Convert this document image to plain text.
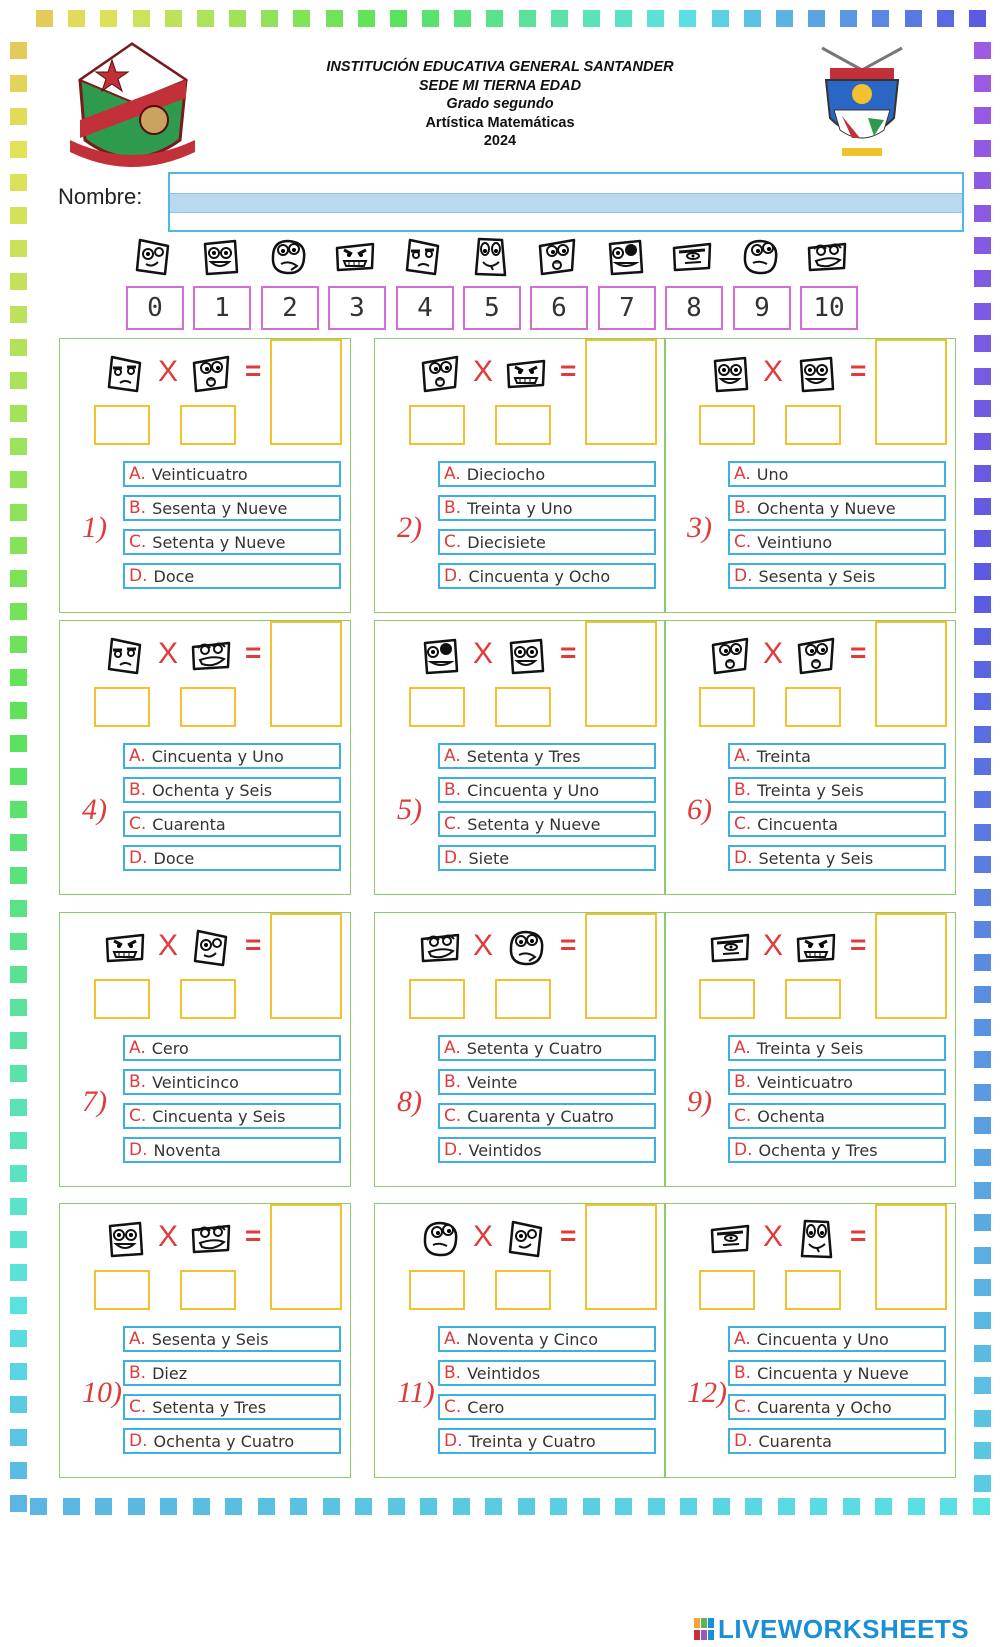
INSTITUCIÓN EDUCATIVA GENERAL SANTANDER
SEDE MI TIERNA EDAD
Grado segundo
Artística Matemáticas
2024
Nombre:
0	1	2	3	4	5	6	7	8	9	10
X =
1)
A. Veinticuatro
B. Sesenta y Nueve
C. Setenta y Nueve
D. Doce
X =
2)
A. Dieciocho
B. Treinta y Uno
C. Diecisiete
D. Cincuenta y Ocho
X =
3)
A. Uno
B. Ochenta y Nueve
C. Veintiuno
D. Sesenta y Seis
X =
4)
A. Cincuenta y Uno
B. Ochenta y Seis
C. Cuarenta
D. Doce
X =
5)
A. Setenta y Tres
B. Cincuenta y Uno
C. Setenta y Nueve
D. Siete
X =
6)
A. Treinta
B. Treinta y Seis
C. Cincuenta
D. Setenta y Seis
X =
7)
A. Cero
B. Veinticinco
C. Cincuenta y Seis
D. Noventa
X =
8)
A. Setenta y Cuatro
B. Veinte
C. Cuarenta y Cuatro
D. Veintidos
X =
9)
A. Treinta y Seis
B. Veinticuatro
C. Ochenta
D. Ochenta y Tres
X =
10)
A. Sesenta y Seis
B. Diez
C. Setenta y Tres
D. Ochenta y Cuatro
X =
11)
A. Noventa y Cinco
B. Veintidos
C. Cero
D. Treinta y Cuatro
X =
12)
A. Cincuenta y Uno
B. Cincuenta y Nueve
C. Cuarenta y Ocho
D. Cuarenta
LIVEWORKSHEETS
